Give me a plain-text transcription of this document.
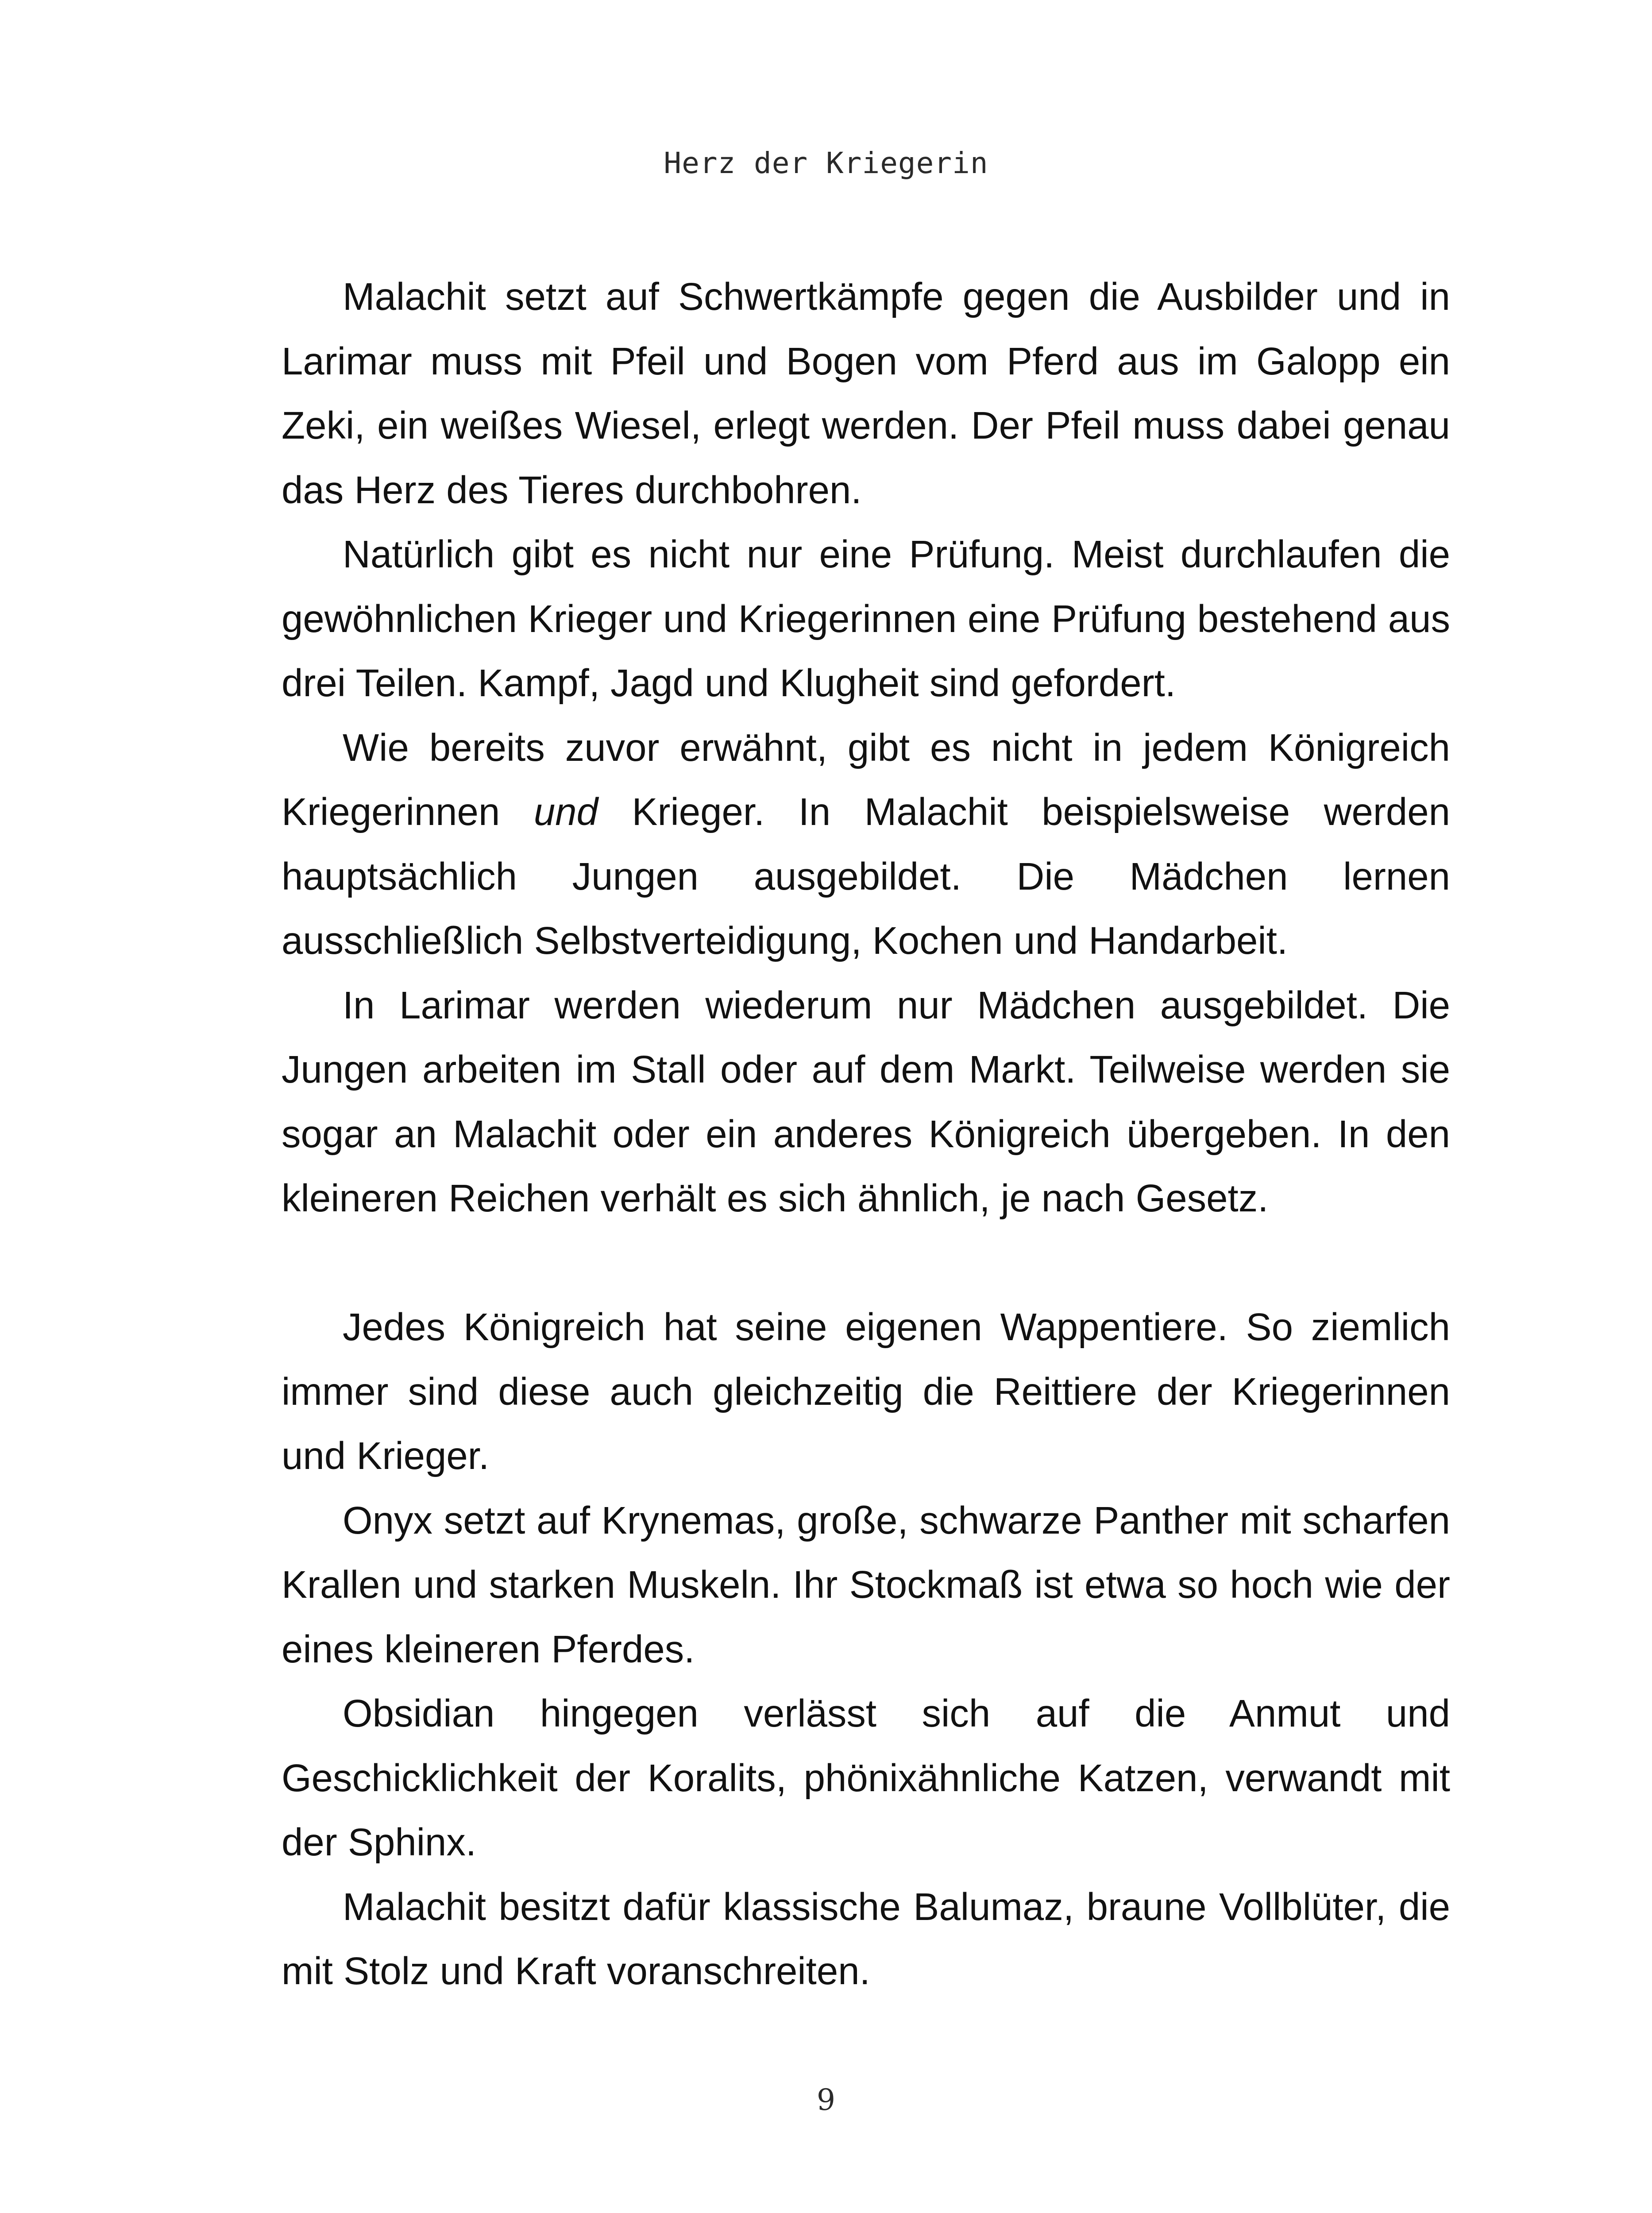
Herz der Kriegerin

Malachit setzt auf Schwertkämpfe gegen die Ausbilder und in Larimar muss mit Pfeil und Bogen vom Pferd aus im Galopp ein Zeki, ein weißes Wiesel, erlegt werden. Der Pfeil muss dabei genau das Herz des Tieres durchbohren.

Natürlich gibt es nicht nur eine Prüfung. Meist durchlaufen die gewöhnlichen Krieger und Kriegerinnen eine Prüfung bestehend aus drei Teilen. Kampf, Jagd und Klugheit sind gefordert.

Wie bereits zuvor erwähnt, gibt es nicht in jedem Königreich Kriegerinnen und Krieger. In Malachit beispielsweise werden hauptsächlich Jungen ausgebildet. Die Mädchen lernen ausschließlich Selbstverteidigung, Kochen und Handarbeit.

In Larimar werden wiederum nur Mädchen ausgebildet. Die Jungen arbeiten im Stall oder auf dem Markt. Teilweise werden sie sogar an Malachit oder ein anderes Königreich übergeben. In den kleineren Reichen verhält es sich ähnlich, je nach Gesetz.

Jedes Königreich hat seine eigenen Wappentiere. So ziemlich immer sind diese auch gleichzeitig die Reittiere der Kriegerinnen und Krieger.

Onyx setzt auf Krynemas, große, schwarze Panther mit scharfen Krallen und starken Muskeln. Ihr Stockmaß ist etwa so hoch wie der eines kleineren Pferdes.

Obsidian hingegen verlässt sich auf die Anmut und Geschicklichkeit der Koralits, phönixähnliche Katzen, verwandt mit der Sphinx.

Malachit besitzt dafür klassische Balumaz, braune Vollblüter, die mit Stolz und Kraft voranschreiten.

9
